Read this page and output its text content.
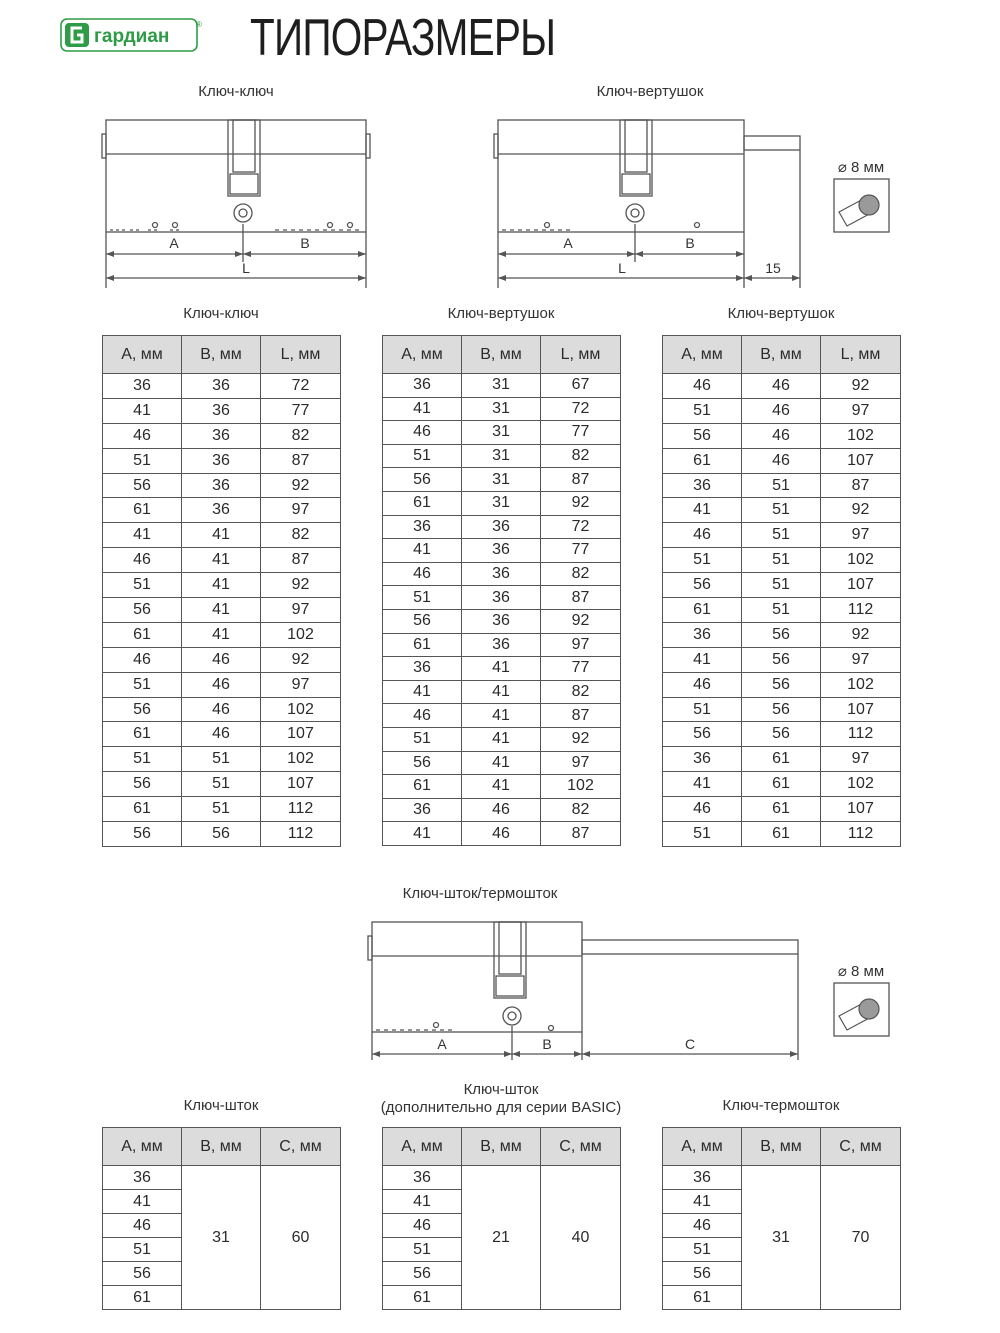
гардиан
® ТИПОРАЗМЕРЫ
Ключ-ключ
A	B
L
Ключ-вертушок
A	B
L	15
⌀ 8 мм
Ключ-ключ	Ключ-вертушок	Ключ-вертушок
A, мм	B, мм	L, мм
36	36	72
41	36	77
46	36	82
51	36	87
56	36	92
61	36	97
41	41	82
46	41	87
51	41	92
56	41	97
61	41	102
46	46	92
51	46	97
56	46	102
61	46	107
51	51	102
56	51	107
61	51	112
56	56	112
A, мм	B, мм	L, мм
36	31	67
41	31	72
46	31	77
51	31	82
56	31	87
61	31	92
36	36	72
41	36	77
46	36	82
51	36	87
56	36	92
61	36	97
36	41	77
41	41	82
46	41	87
51	41	92
56	41	97
61	41	102
36	46	82
41	46	87
A, мм	B, мм	L, мм
46	46	92
51	46	97
56	46	102
61	46	107
36	51	87
41	51	92
46	51	97
51	51	102
56	51	107
61	51	112
36	56	92
41	56	97
46	56	102
51	56	107
56	56	112
36	61	97
41	61	102
46	61	107
51	61	112
Ключ-шток/термошток
A	B	C
⌀ 8 мм
Ключ-шток
Ключ-шток
(дополнительно для серии BASIC)	Ключ-термошток
A, мм	B, мм	C, мм
36	31	60
41		
46		
51		
56		
61		
A, мм	B, мм	C, мм
36	21	40
41		
46		
51		
56		
61		
A, мм	B, мм	C, мм
36	31	70
41		
46		
51		
56		
61		
